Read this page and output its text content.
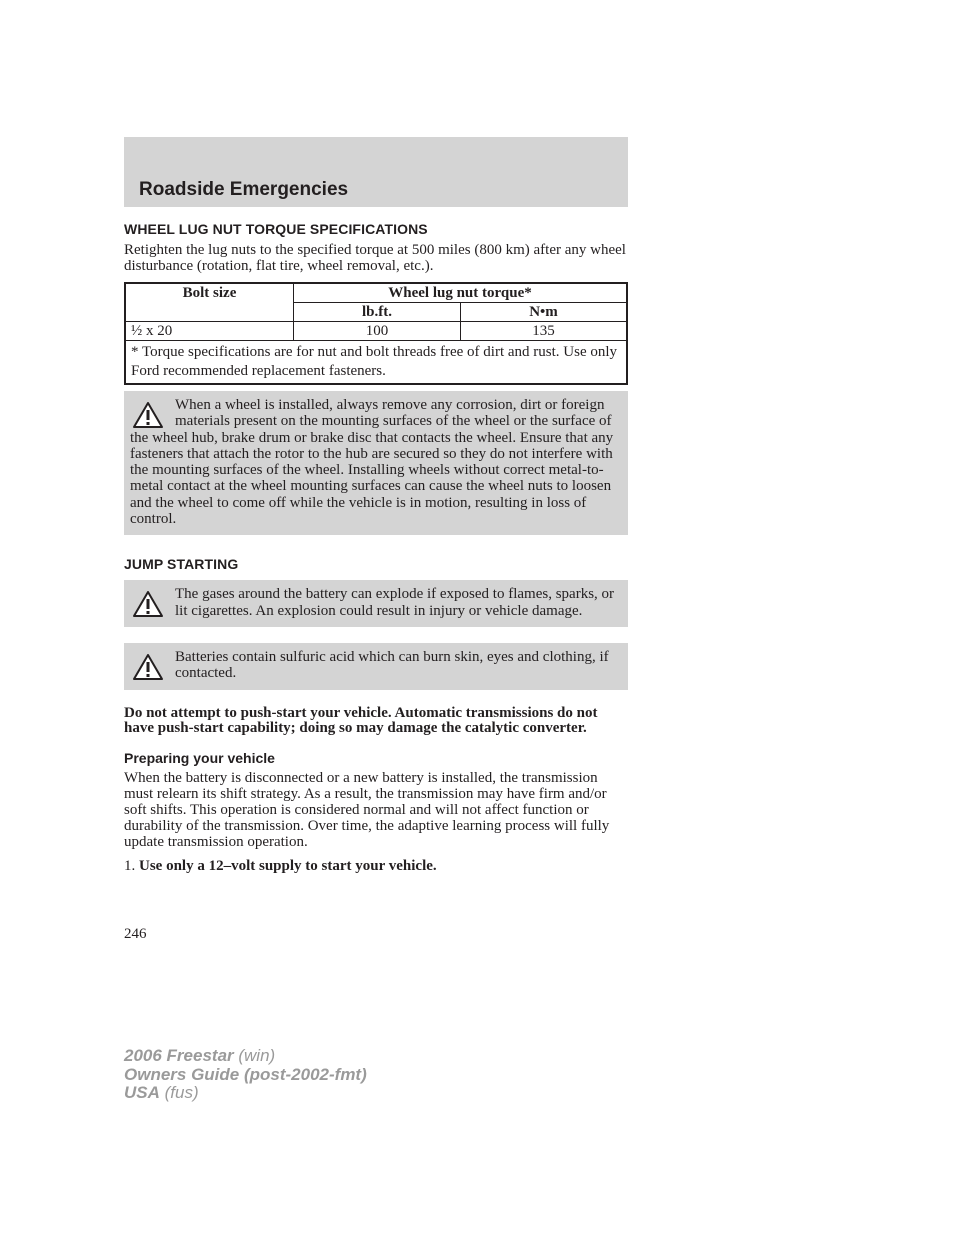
Roadside Emergencies
WHEEL LUG NUT TORQUE SPECIFICATIONS

Retighten the lug nuts to the specified torque at 500 miles (800 km) after any wheel disturbance (rotation, flat tire, wheel removal, etc.).

Bolt size	Wheel lug nut torque*	
	lb.ft.	N•m
½ x 20	100	135
* Torque specifications are for nut and bolt threads free of dirt and rust. Use only Ford recommended replacement fasteners.		

When a wheel is installed, always remove any corrosion, dirt or foreign materials present on the mounting surfaces of the wheel or the surface of the wheel hub, brake drum or brake disc that contacts the wheel. Ensure that any fasteners that attach the rotor to the hub are secured so they do not interfere with the mounting surfaces of the wheel. Installing wheels without correct metal-to-metal contact at the wheel mounting surfaces can cause the wheel nuts to loosen and the wheel to come off while the vehicle is in motion, resulting in loss of control.

JUMP STARTING

The gases around the battery can explode if exposed to flames, sparks, or lit cigarettes. An explosion could result in injury or vehicle damage.

Batteries contain sulfuric acid which can burn skin, eyes and clothing, if contacted.

Do not attempt to push-start your vehicle. Automatic transmissions do not have push-start capability; doing so may damage the catalytic converter.

Preparing your vehicle

When the battery is disconnected or a new battery is installed, the transmission must relearn its shift strategy. As a result, the transmission may have firm and/or soft shifts. This operation is considered normal and will not affect function or durability of the transmission. Over time, the adaptive learning process will fully update transmission operation.

1. Use only a 12–volt supply to start your vehicle.

246
2006 Freestar (win)
Owners Guide (post-2002-fmt)
USA (fus)
